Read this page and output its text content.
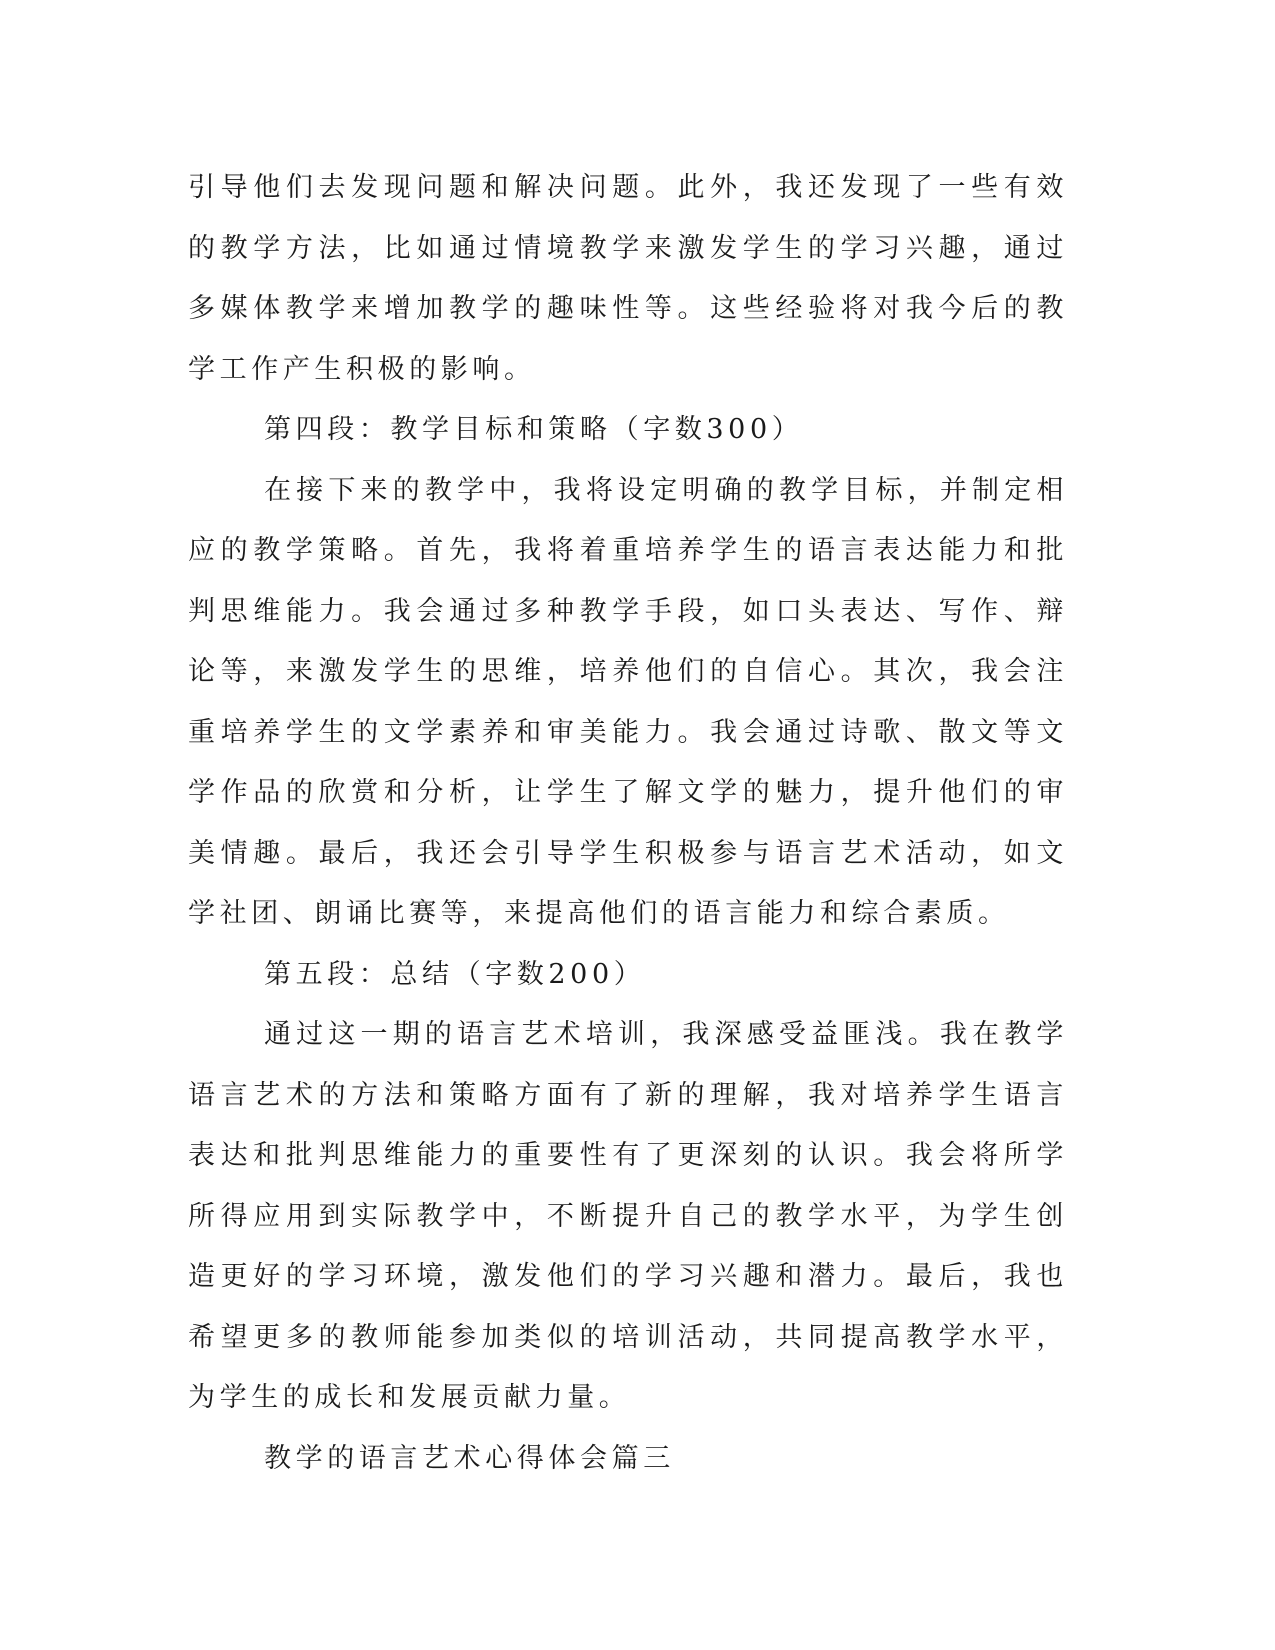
引导他们去发现问题和解决问题。此外，我还发现了一些有效的教学方法，比如通过情境教学来激发学生的学习兴趣，通过多媒体教学来增加教学的趣味性等。这些经验将对我今后的教学工作产生积极的影响。

第四段：教学目标和策略（字数300）

在接下来的教学中，我将设定明确的教学目标，并制定相应的教学策略。首先，我将着重培养学生的语言表达能力和批判思维能力。我会通过多种教学手段，如口头表达、写作、辩论等，来激发学生的思维，培养他们的自信心。其次，我会注重培养学生的文学素养和审美能力。我会通过诗歌、散文等文学作品的欣赏和分析，让学生了解文学的魅力，提升他们的审美情趣。最后，我还会引导学生积极参与语言艺术活动，如文学社团、朗诵比赛等，来提高他们的语言能力和综合素质。

第五段：总结（字数200）

通过这一期的语言艺术培训，我深感受益匪浅。我在教学语言艺术的方法和策略方面有了新的理解，我对培养学生语言表达和批判思维能力的重要性有了更深刻的认识。我会将所学所得应用到实际教学中，不断提升自己的教学水平，为学生创造更好的学习环境，激发他们的学习兴趣和潜力。最后，我也希望更多的教师能参加类似的培训活动，共同提高教学水平，为学生的成长和发展贡献力量。

教学的语言艺术心得体会篇三
